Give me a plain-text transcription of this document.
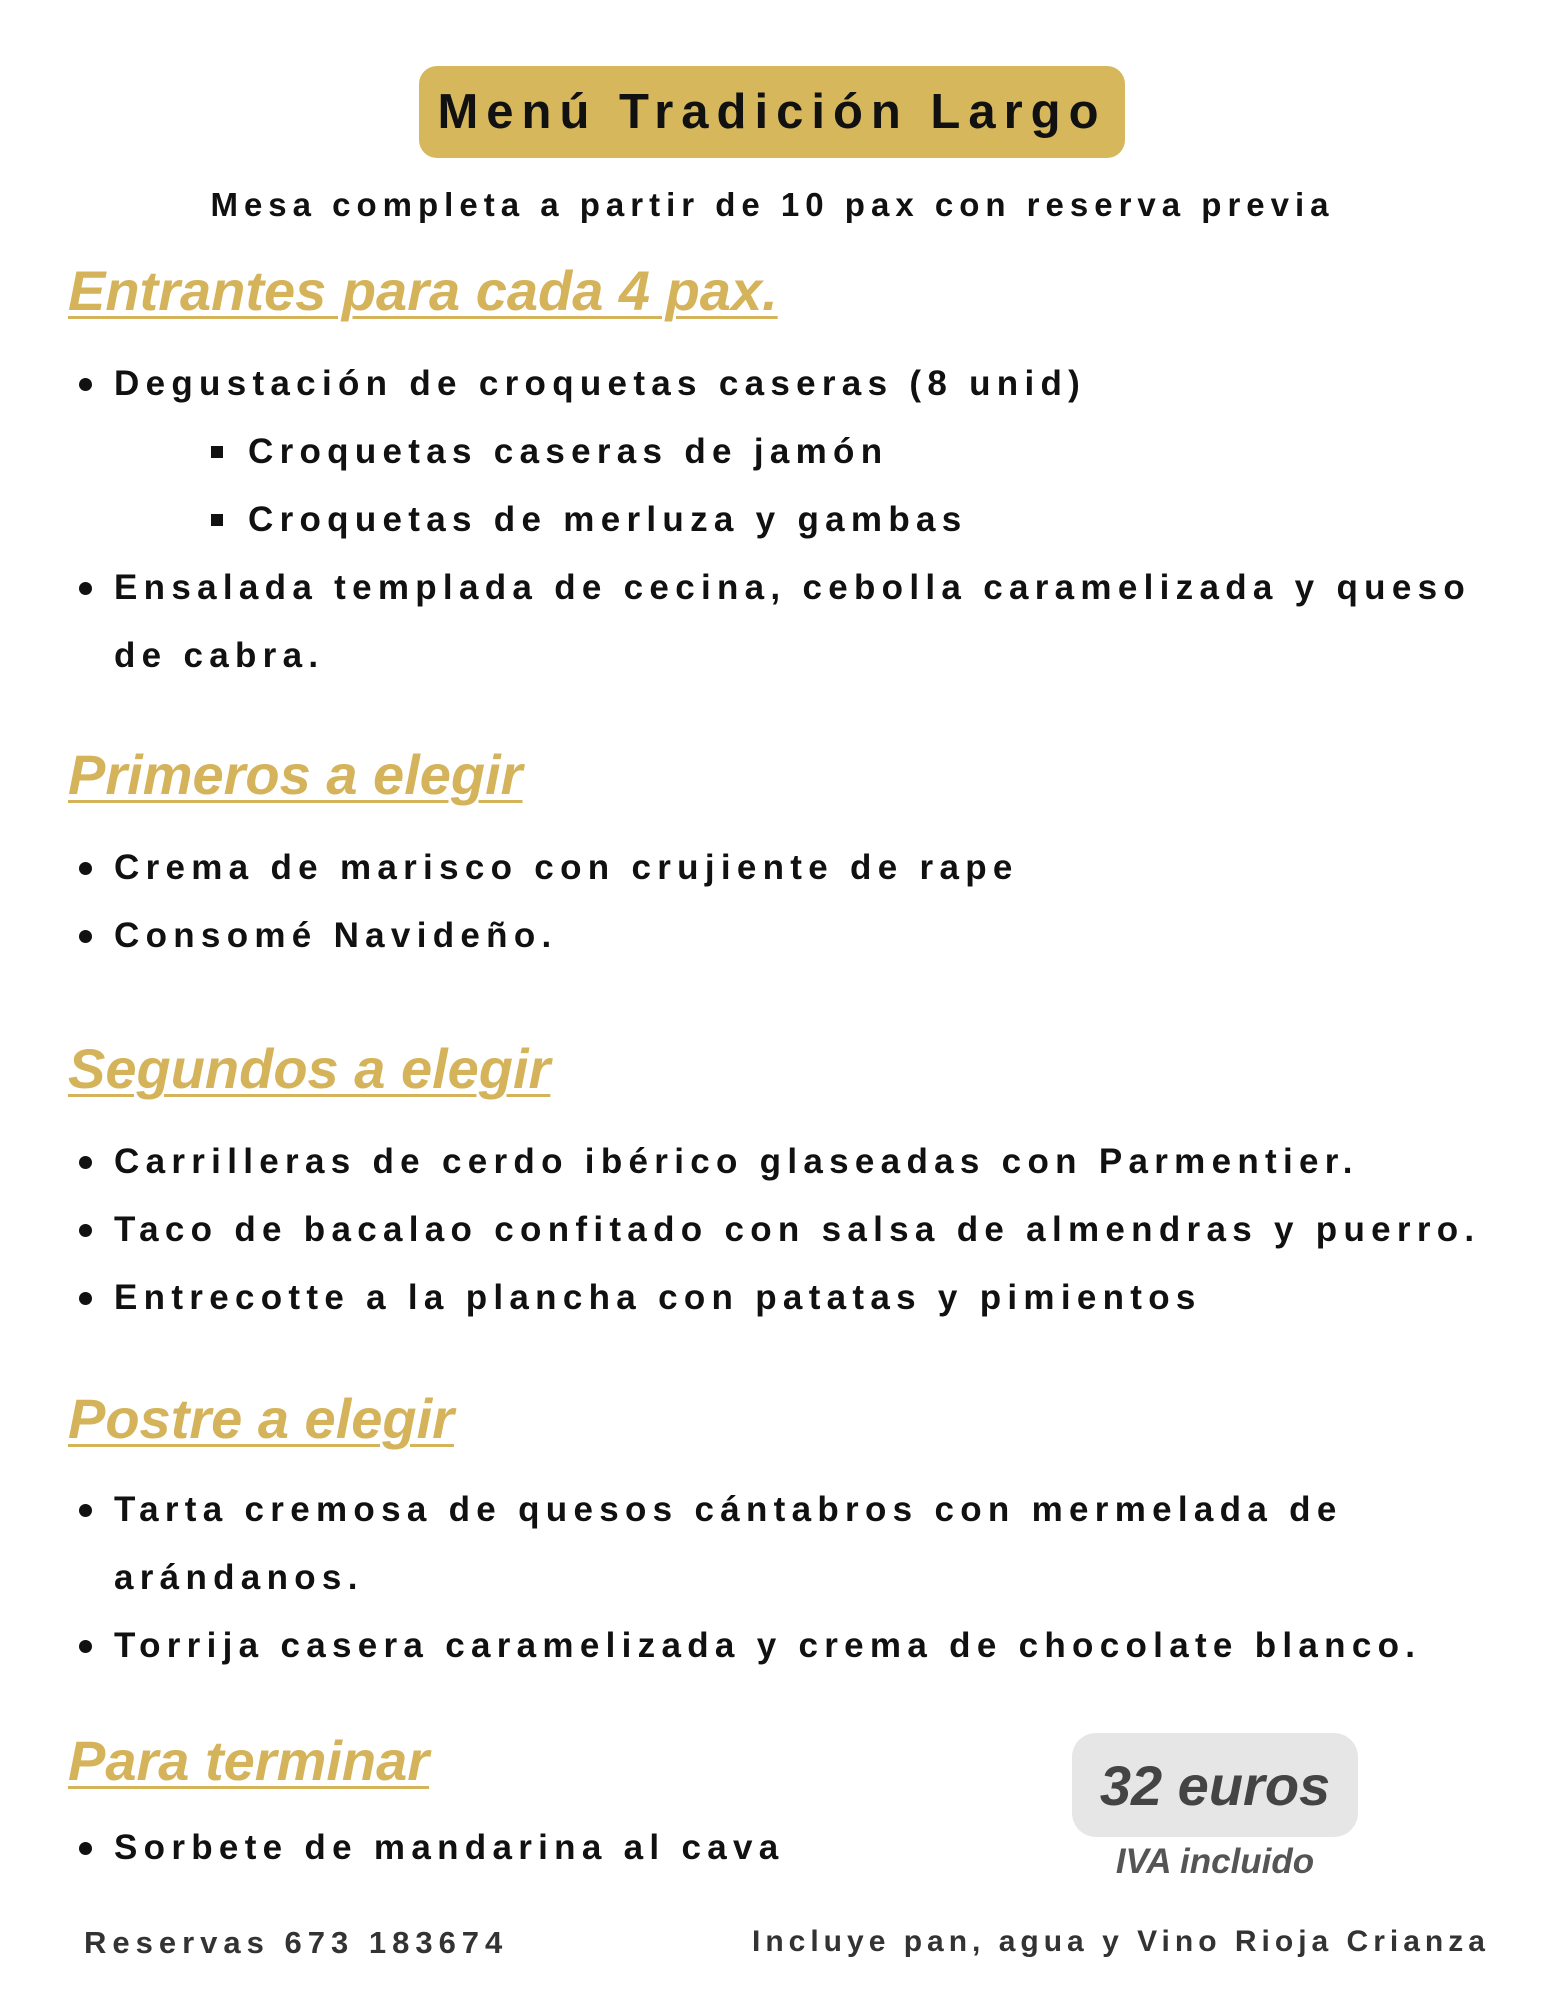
Menú Tradición Largo
Mesa completa a partir de 10 pax con reserva previa
Entrantes para cada 4 pax.
Degustación de croquetas caseras (8 unid)
Croquetas caseras de jamón
Croquetas de merluza y gambas
Ensalada templada de cecina, cebolla caramelizada y queso
de cabra.
Primeros a elegir
Crema de marisco con crujiente de rape
Consomé Navideño.
Segundos a elegir
Carrilleras de cerdo ibérico glaseadas con Parmentier.
Taco de bacalao confitado con salsa de almendras y puerro.
Entrecotte a la plancha con patatas y pimientos
Postre a elegir
Tarta cremosa de quesos cántabros con mermelada de
arándanos.
Torrija casera caramelizada y crema de chocolate blanco.
Para terminar
Sorbete de mandarina al cava
32 euros
IVA incluido
Reservas 673 183674	Incluye pan, agua y Vino Rioja Crianza
